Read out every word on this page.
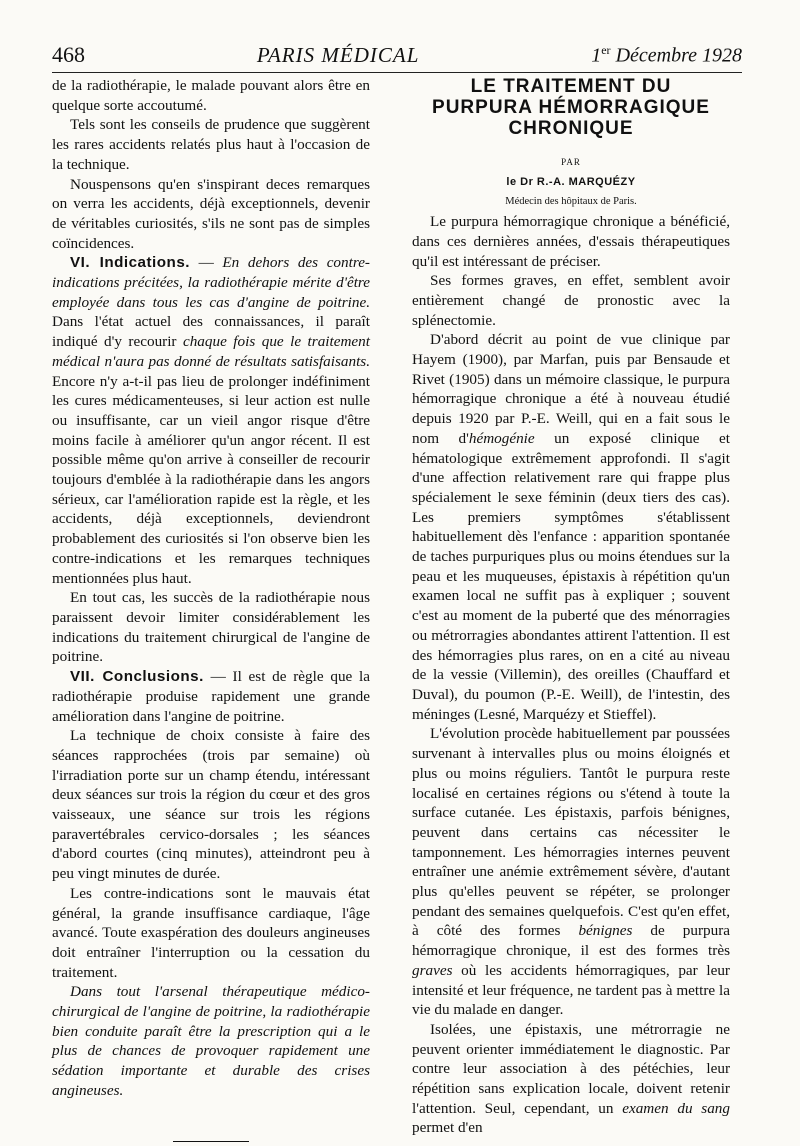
468	PARIS MÉDICAL	1er Décembre 1928

de la radiothérapie, le malade pouvant alors être en quelque sorte accoutumé.

Tels sont les conseils de prudence que suggèrent les rares accidents relatés plus haut à l'occasion de la technique.

Nouspensons qu'en s'inspirant deces remarques on verra les accidents, déjà exceptionnels, devenir de véritables curiosités, s'ils ne sont pas de simples coïncidences.

VI. Indications. — En dehors des contre-indications précitées, la radiothérapie mérite d'être employée dans tous les cas d'angine de poitrine. Dans l'état actuel des connaissances, il paraît indiqué d'y recourir chaque fois que le traitement médical n'aura pas donné de résultats satisfaisants. Encore n'y a-t-il pas lieu de prolonger indéfiniment les cures médicamenteuses, si leur action est nulle ou insuffisante, car un vieil angor risque d'être moins facile à améliorer qu'un angor récent. Il est possible même qu'on arrive à conseiller de recourir toujours d'emblée à la radiothérapie dans les angors sérieux, car l'amélioration rapide est la règle, et les accidents, déjà exceptionnels, deviendront probablement des curiosités si l'on observe bien les contre-indications et les remarques techniques mentionnées plus haut.

En tout cas, les succès de la radiothérapie nous paraissent devoir limiter considérablement les indications du traitement chirurgical de l'angine de poitrine.

VII. Conclusions. — Il est de règle que la radiothérapie produise rapidement une grande amélioration dans l'angine de poitrine.

La technique de choix consiste à faire des séances rapprochées (trois par semaine) où l'irradiation porte sur un champ étendu, intéressant deux séances sur trois la région du cœur et des gros vaisseaux, une séance sur trois les régions paravertébrales cervico-dorsales ; les séances d'abord courtes (cinq minutes), atteindront peu à peu vingt minutes de durée.

Les contre-indications sont le mauvais état général, la grande insuffisance cardiaque, l'âge avancé. Toute exaspération des douleurs angineuses doit entraîner l'interruption ou la cessation du traitement.

Dans tout l'arsenal thérapeutique médico-chirurgical de l'angine de poitrine, la radiothérapie bien conduite paraît être la prescription qui a le plus de chances de provoquer rapidement une sédation importante et durable des crises angineuses.

LE TRAITEMENT DU
PURPURA HÉMORRAGIQUE
CHRONIQUE

PAR

le Dr R.-A. MARQUÉZY

Médecin des hôpitaux de Paris.

Le purpura hémorragique chronique a bénéficié, dans ces dernières années, d'essais thérapeutiques qu'il est intéressant de préciser.

Ses formes graves, en effet, semblent avoir entièrement changé de pronostic avec la splénectomie.

D'abord décrit au point de vue clinique par Hayem (1900), par Marfan, puis par Bensaude et Rivet (1905) dans un mémoire classique, le purpura hémorragique chronique a été à nouveau étudié depuis 1920 par P.-E. Weill, qui en a fait sous le nom d'hémogénie un exposé clinique et hématologique extrêmement approfondi. Il s'agit d'une affection relativement rare qui frappe plus spécialement le sexe féminin (deux tiers des cas). Les premiers symptômes s'établissent habituellement dès l'enfance : apparition spontanée de taches purpuriques plus ou moins étendues sur la peau et les muqueuses, épistaxis à répétition qu'un examen local ne suffit pas à expliquer ; souvent c'est au moment de la puberté que des ménorragies ou métrorragies abondantes attirent l'attention. Il est des hémorragies plus rares, on en a cité au niveau de la vessie (Villemin), des oreilles (Chauffard et Duval), du poumon (P.-E. Weill), de l'intestin, des méninges (Lesné, Marquézy et Stieffel).

L'évolution procède habituellement par poussées survenant à intervalles plus ou moins éloignés et plus ou moins réguliers. Tantôt le purpura reste localisé en certaines régions ou s'étend à toute la surface cutanée. Les épistaxis, parfois bénignes, peuvent dans certains cas nécessiter le tamponnement. Les hémorragies internes peuvent entraîner une anémie extrêmement sévère, d'autant plus qu'elles peuvent se répéter, se prolonger pendant des semaines quelquefois. C'est qu'en effet, à côté des formes bénignes de purpura hémorragique chronique, il est des formes très graves où les accidents hémorragiques, par leur intensité et leur fréquence, ne tardent pas à mettre la vie du malade en danger.

Isolées, une épistaxis, une métrorragie ne peuvent orienter immédiatement le diagnostic. Par contre leur association à des pétéchies, leur répétition sans explication locale, doivent retenir l'attention. Seul, cependant, un examen du sang permet d'en
